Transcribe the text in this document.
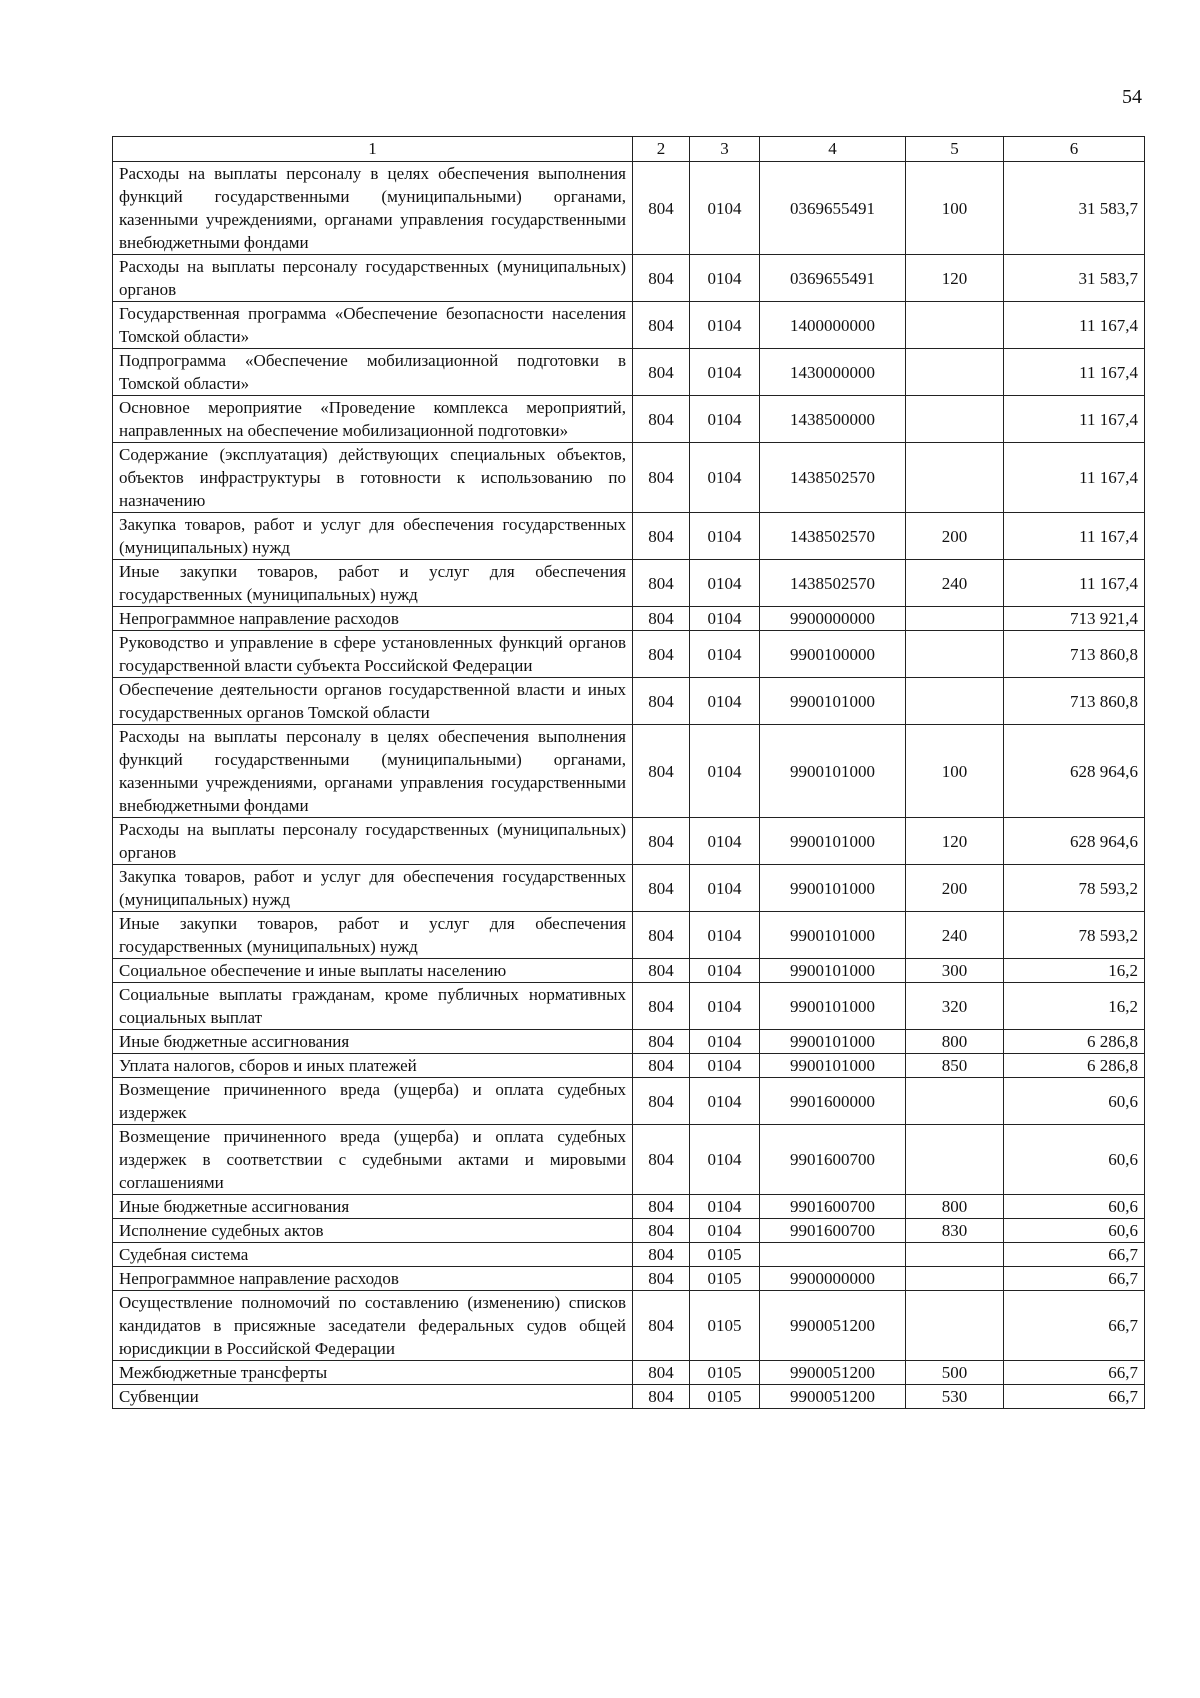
54
1	2	3	4	5	6
Расходы на выплаты персоналу в целях обеспечения выполнения функций государственными (муниципальными) органами, казенными учреждениями, органами управления государственными внебюджетными фондами	804	0104	0369655491	100	31 583,7
Расходы на выплаты персоналу государственных (муниципальных) органов	804	0104	0369655491	120	31 583,7
Государственная программа «Обеспечение безопасности населения Томской области»	804	0104	1400000000		11 167,4
Подпрограмма «Обеспечение мобилизационной подготовки в Томской области»	804	0104	1430000000		11 167,4
Основное мероприятие «Проведение комплекса мероприятий, направленных на обеспечение мобилизационной подготовки»	804	0104	1438500000		11 167,4
Содержание (эксплуатация) действующих специальных объектов, объектов инфраструктуры в готовности к использованию по назначению	804	0104	1438502570		11 167,4
Закупка товаров, работ и услуг для обеспечения государственных (муниципальных) нужд	804	0104	1438502570	200	11 167,4
Иные закупки товаров, работ и услуг для обеспечения государственных (муниципальных) нужд	804	0104	1438502570	240	11 167,4
Непрограммное направление расходов	804	0104	9900000000		713 921,4
Руководство и управление в сфере установленных функций органов государственной власти субъекта Российской Федерации	804	0104	9900100000		713 860,8
Обеспечение деятельности органов государственной власти и иных государственных органов Томской области	804	0104	9900101000		713 860,8
Расходы на выплаты персоналу в целях обеспечения выполнения функций государственными (муниципальными) органами, казенными учреждениями, органами управления государственными внебюджетными фондами	804	0104	9900101000	100	628 964,6
Расходы на выплаты персоналу государственных (муниципальных) органов	804	0104	9900101000	120	628 964,6
Закупка товаров, работ и услуг для обеспечения государственных (муниципальных) нужд	804	0104	9900101000	200	78 593,2
Иные закупки товаров, работ и услуг для обеспечения государственных (муниципальных) нужд	804	0104	9900101000	240	78 593,2
Социальное обеспечение и иные выплаты населению	804	0104	9900101000	300	16,2
Социальные выплаты гражданам, кроме публичных нормативных социальных выплат	804	0104	9900101000	320	16,2
Иные бюджетные ассигнования	804	0104	9900101000	800	6 286,8
Уплата налогов, сборов и иных платежей	804	0104	9900101000	850	6 286,8
Возмещение причиненного вреда (ущерба) и оплата судебных издержек	804	0104	9901600000		60,6
Возмещение причиненного вреда (ущерба) и оплата судебных издержек в соответствии с судебными актами и мировыми соглашениями	804	0104	9901600700		60,6
Иные бюджетные ассигнования	804	0104	9901600700	800	60,6
Исполнение судебных актов	804	0104	9901600700	830	60,6
Судебная система	804	0105			66,7
Непрограммное направление расходов	804	0105	9900000000		66,7
Осуществление полномочий по составлению (изменению) списков кандидатов в присяжные заседатели федеральных судов общей юрисдикции в Российской Федерации	804	0105	9900051200		66,7
Межбюджетные трансферты	804	0105	9900051200	500	66,7
Субвенции	804	0105	9900051200	530	66,7
